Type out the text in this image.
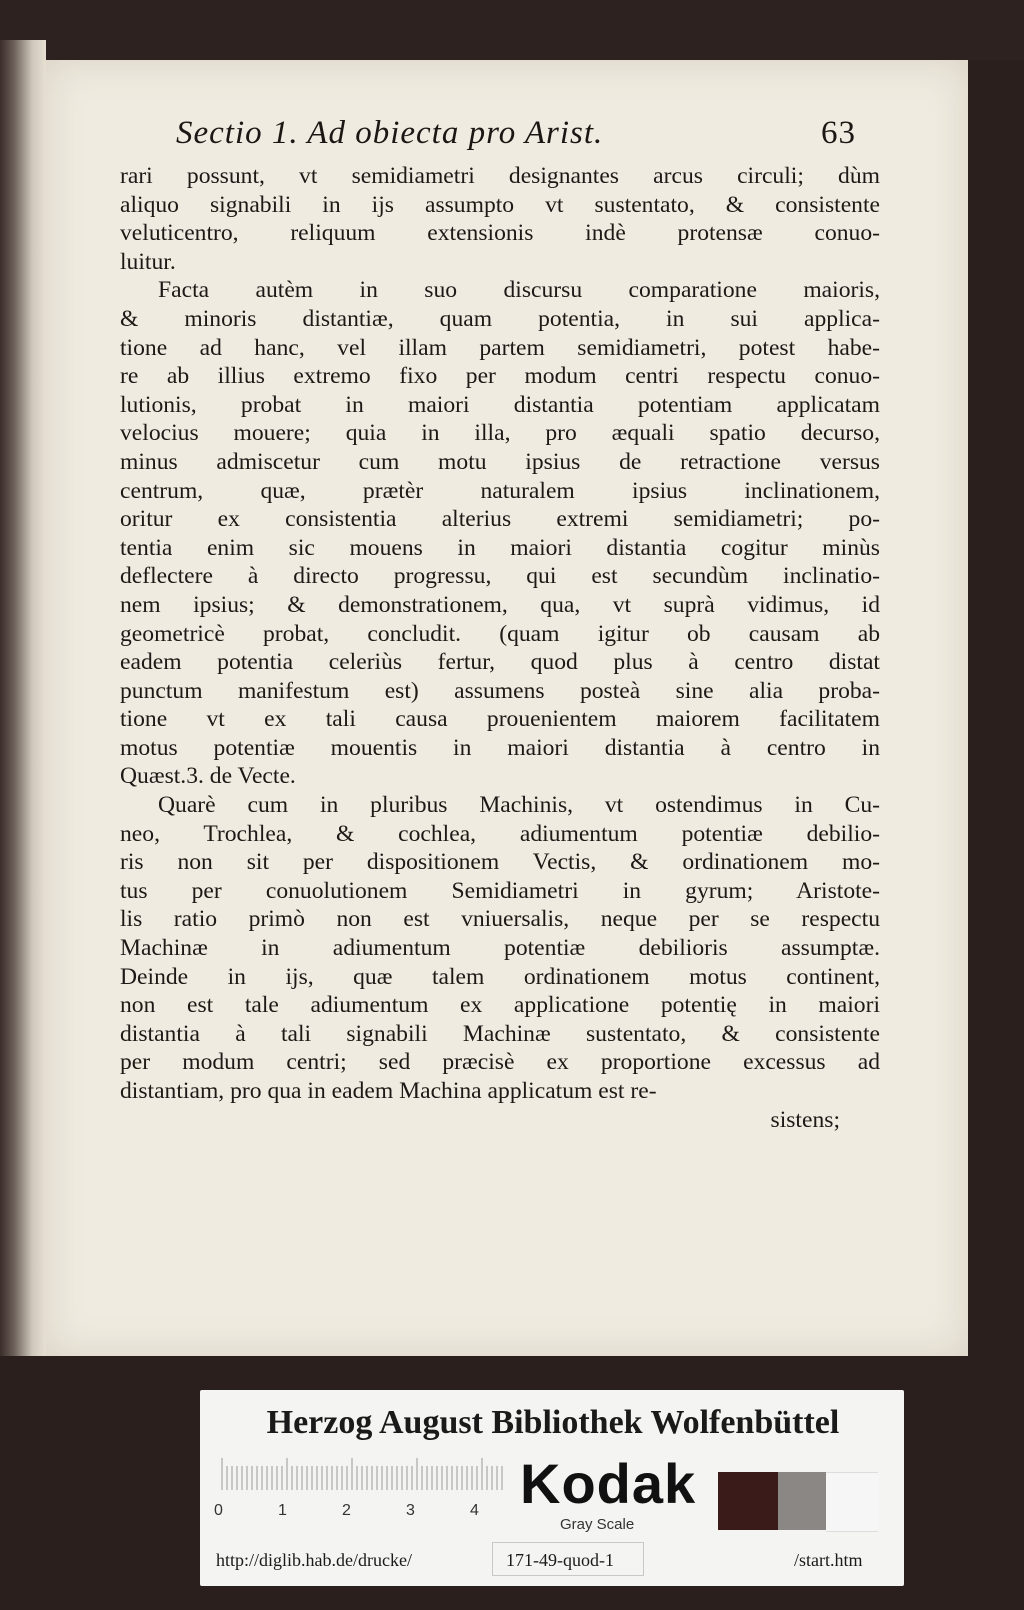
Sectio 1. Ad obiecta pro Arist.	63
rari possunt, vt semidiametri designantes arcus circuli; dùm
aliquo signabili in ijs assumpto vt sustentato, & consistente
veluticentro, reliquum extensionis indè protensæ conuo-
luitur.
Facta autèm in suo discursu comparatione maioris,
& minoris distantiæ, quam potentia, in sui applica-
tione ad hanc, vel illam partem semidiametri, potest habe-
re ab illius extremo fixo per modum centri respectu conuo-
lutionis, probat in maiori distantia potentiam applicatam
velocius mouere; quia in illa, pro æquali spatio decurso,
minus admiscetur cum motu ipsius de retractione versus
centrum, quæ, prætèr naturalem ipsius inclinationem,
oritur ex consistentia alterius extremi semidiametri; po-
tentia enim sic mouens in maiori distantia cogitur minùs
deflectere à directo progressu, qui est secundùm inclinatio-
nem ipsius; & demonstrationem, qua, vt suprà vidimus, id
geometricè probat, concludit. (quam igitur ob causam ab
eadem potentia celeriùs fertur, quod plus à centro distat
punctum manifestum est) assumens posteà sine alia proba-
tione vt ex tali causa prouenientem maiorem facilitatem
motus potentiæ mouentis in maiori distantia à centro in
Quæst.3. de Vecte.
Quarè cum in pluribus Machinis, vt ostendimus in Cu-
neo, Trochlea, & cochlea, adiumentum potentiæ debilio-
ris non sit per dispositionem Vectis, & ordinationem mo-
tus per conuolutionem Semidiametri in gyrum; Aristote-
lis ratio primò non est vniuersalis, neque per se respectu
Machinæ in adiumentum potentiæ debilioris assumptæ.
Deinde in ijs, quæ talem ordinationem motus continent,
non est tale adiumentum ex applicatione potentię in maiori
distantia à tali signabili Machinæ sustentato, & consistente
per modum centri; sed præcisè ex proportione excessus ad
distantiam, pro qua in eadem Machina applicatum est re-
sistens;
Herzog August Bibliothek Wolfenbüttel
0	1	2	3	4 Kodak
Gray Scale
http://diglib.hab.de/drucke/	171-49-quod-1	/start.htm
